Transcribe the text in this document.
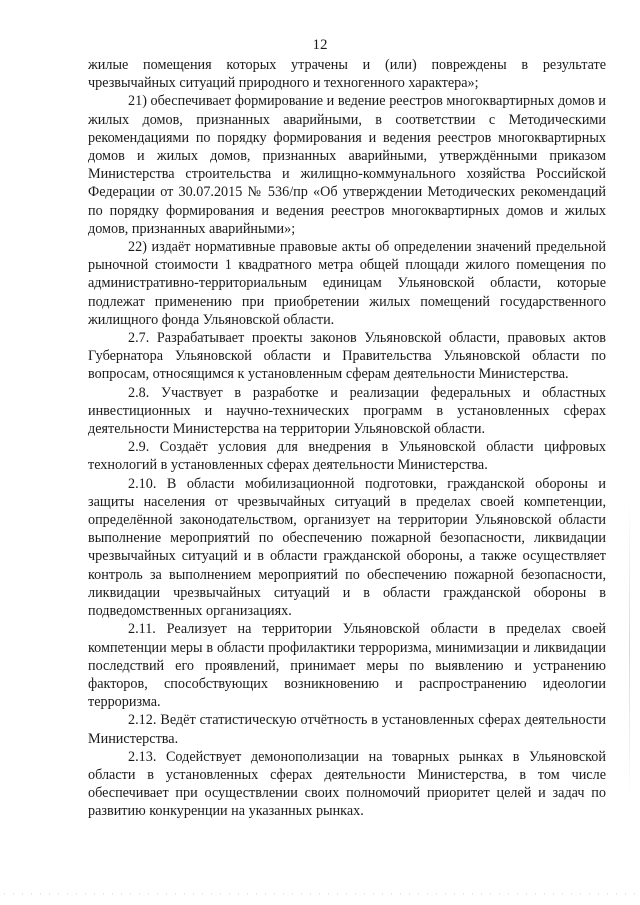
12

жилые помещения которых утрачены и (или) повреждены в результате чрезвычайных ситуаций природного и техногенного характера»;

21) обеспечивает формирование и ведение реестров многоквартирных домов и жилых домов, признанных аварийными, в соответствии с Методическими рекомендациями по порядку формирования и ведения реестров многоквартирных домов и жилых домов, признанных аварийными, утверждёнными приказом Министерства строительства и жилищно-коммунального хозяйства Российской Федерации от 30.07.2015 № 536/пр «Об утверждении Методических рекомендаций по порядку формирования и ведения реестров многоквартирных домов и жилых домов, признанных аварийными»;

22) издаёт нормативные правовые акты об определении значений предельной рыночной стоимости 1 квадратного метра общей площади жилого помещения по административно-территориальным единицам Ульяновской области, которые подлежат применению при приобретении жилых помещений государственного жилищного фонда Ульяновской области.

2.7. Разрабатывает проекты законов Ульяновской области, правовых актов Губернатора Ульяновской области и Правительства Ульяновской области по вопросам, относящимся к установленным сферам деятельности Министерства.

2.8. Участвует в разработке и реализации федеральных и областных инвестиционных и научно-технических программ в установленных сферах деятельности Министерства на территории Ульяновской области.

2.9. Создаёт условия для внедрения в Ульяновской области цифровых технологий в установленных сферах деятельности Министерства.

2.10. В области мобилизационной подготовки, гражданской обороны и защиты населения от чрезвычайных ситуаций в пределах своей компетенции, определённой законодательством, организует на территории Ульяновской области выполнение мероприятий по обеспечению пожарной безопасности, ликвидации чрезвычайных ситуаций и в области гражданской обороны, а также осуществляет контроль за выполнением мероприятий по обеспечению пожарной безопасности, ликвидации чрезвычайных ситуаций и в области гражданской обороны в подведомственных организациях.

2.11. Реализует на территории Ульяновской области в пределах своей компетенции меры в области профилактики терроризма, минимизации и ликвидации последствий его проявлений, принимает меры по выявлению и устранению факторов, способствующих возникновению и распространению идеологии терроризма.

2.12. Ведёт статистическую отчётность в установленных сферах деятельности Министерства.

2.13. Содействует демонополизации на товарных рынках в Ульяновской области в установленных сферах деятельности Министерства, в том числе обеспечивает при осуществлении своих полномочий приоритет целей и задач по развитию конкуренции на указанных рынках.
